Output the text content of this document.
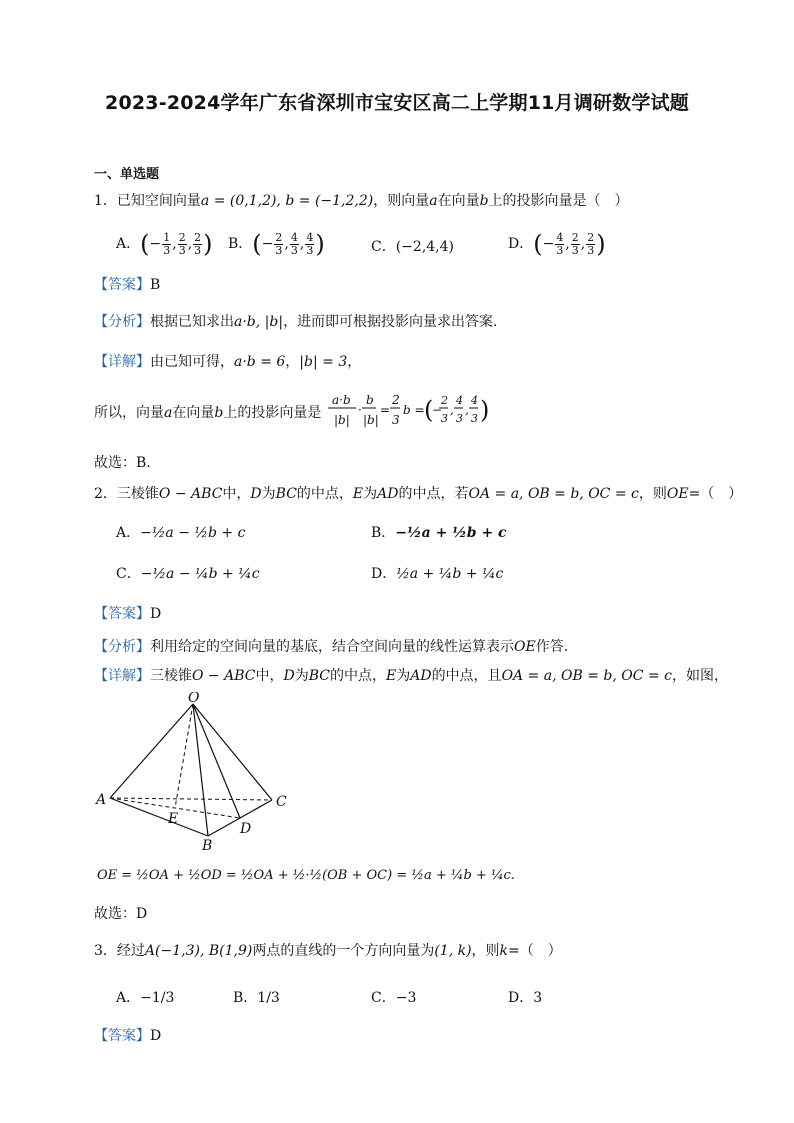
2023-2024学年广东省深圳市宝安区高二上学期11月调研数学试题
一、单选题
1．已知空间向量a = (0,1,2), b = (−1,2,2)，则向量a在向量b上的投影向量是（　）
A．(− $\frac{1}{3}$ , $\frac{2}{3}$ , $\frac{2}{3}$ ) B．(− $\frac{2}{3}$ , $\frac{4}{3}$ , $\frac{4}{3}$ )	C．(−2,4,4)	D．(− $\frac{4}{3}$ , $\frac{2}{3}$ , $\frac{2}{3}$ )
【答案】B
【分析】根据已知求出a·b, |b|，进而即可根据投影向量求出答案.
【详解】由已知可得，a·b = 6，|b| = 3，
所以，向量a在向量b上的投影向量是
a·b
|b|
·
b
|b|
=
2
3
b = (
−
2
3
,
4
3
,
4
3 )
故选：B.
2．三棱锥O − ABC中，D为BC的中点，E为AD的中点，若OA = a, OB = b, OC = c，则OE=（　）
A．−½a − ½b + c	B．−½a + ½b + c
C．−½a − ¼b + ¼c	D．½a + ¼b + ¼c
【答案】D
【分析】利用给定的空间向量的基底，结合空间向量的线性运算表示OE作答.
【详解】三棱锥O − ABC中，D为BC的中点，E为AD的中点，且OA = a, OB = b, OC = c，如图，
O
A	C
B
D
E
OE = ½OA + ½OD = ½OA + ½·½(OB + OC) = ½a + ¼b + ¼c.
故选：D
3．经过A(−1,3), B(1,9)两点的直线的一个方向向量为(1, k)，则k=（　）
A．−1/3	B．1/3	C．−3	D．3
【答案】D
